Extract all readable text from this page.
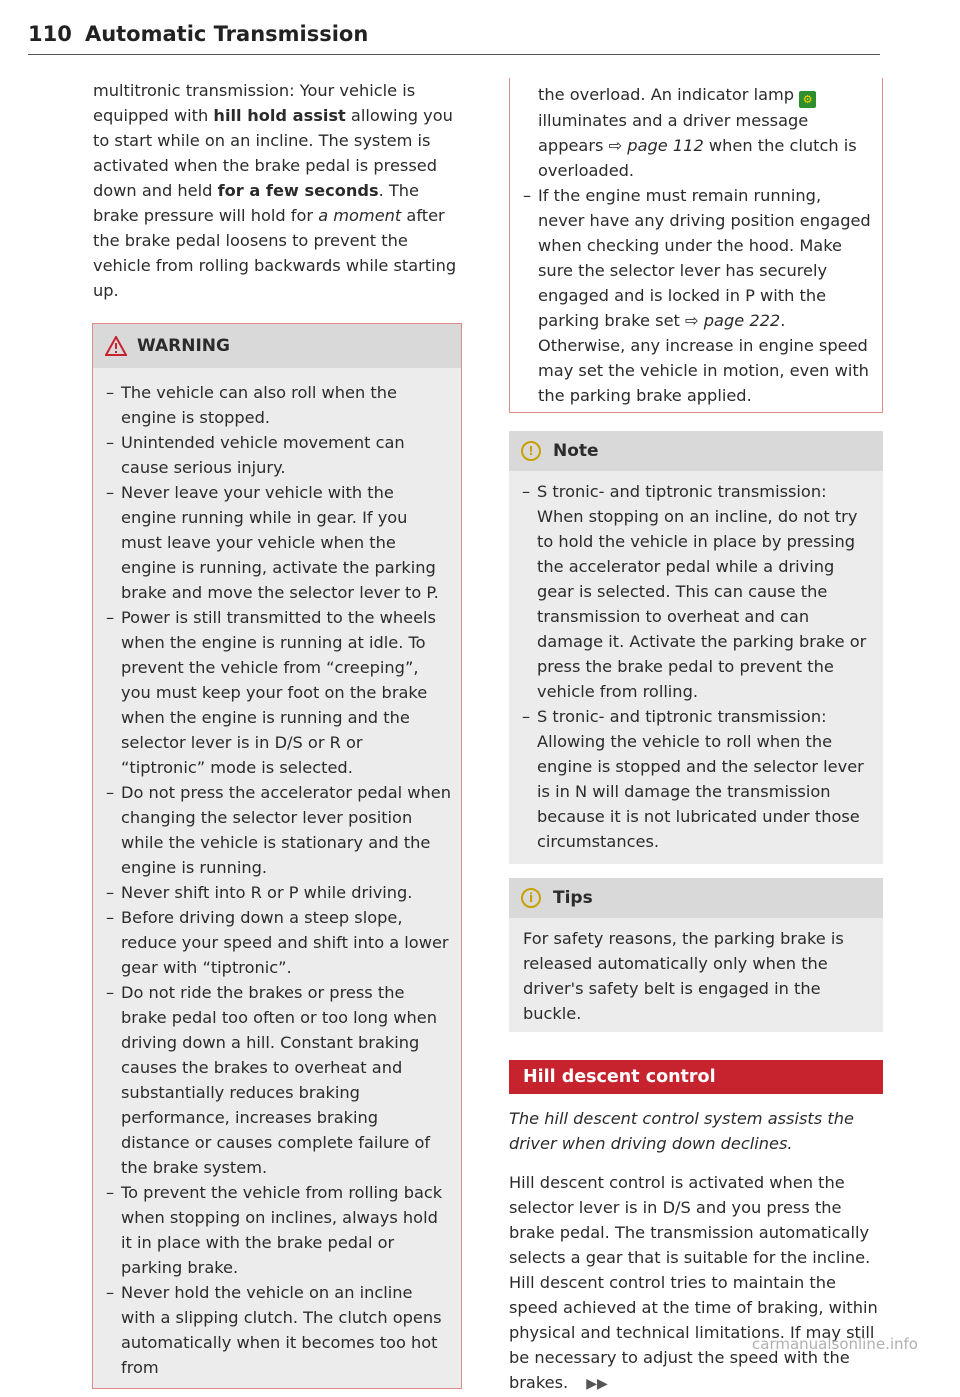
110 Automatic Transmission

multitronic transmission: Your vehicle is equipped with hill hold assist allowing you to start while on an incline. The system is activated when the brake pedal is pressed down and held for a few seconds. The brake pressure will hold for a moment after the brake pedal loosens to prevent the vehicle from rolling backwards while starting up.

WARNING
– The vehicle can also roll when the engine is stopped.
– Unintended vehicle movement can cause serious injury.
– Never leave your vehicle with the engine running while in gear. If you must leave your vehicle when the engine is running, activate the parking brake and move the selector lever to P.
– Power is still transmitted to the wheels when the engine is running at idle. To prevent the vehicle from “creeping”, you must keep your foot on the brake when the engine is running and the selector lever is in D/S or R or “tiptronic” mode is selected.
– Do not press the accelerator pedal when changing the selector lever position while the vehicle is stationary and the engine is running.
– Never shift into R or P while driving.
– Before driving down a steep slope, reduce your speed and shift into a lower gear with “tiptronic”.
– Do not ride the brakes or press the brake pedal too often or too long when driving down a hill. Constant braking causes the brakes to overheat and substantially reduces braking performance, increases braking distance or causes complete failure of the brake system.
– To prevent the vehicle from rolling back when stopping on inclines, always hold it in place with the brake pedal or parking brake.
– Never hold the vehicle on an incline with a slipping clutch. The clutch opens automatically when it becomes too hot from

the overload. An indicator lamp ⚙ illuminates and a driver message appears ⇨ page 112 when the clutch is overloaded.

– If the engine must remain running, never have any driving position engaged when checking under the hood. Make sure the selector lever has securely engaged and is locked in P with the parking brake set ⇨ page 222. Otherwise, any increase in engine speed may set the vehicle in motion, even with the parking brake applied.
!	Note
– S tronic- and tiptronic transmission: When stopping on an incline, do not try to hold the vehicle in place by pressing the accelerator pedal while a driving gear is selected. This can cause the transmission to overheat and can damage it. Activate the parking brake or press the brake pedal to prevent the vehicle from rolling.
– S tronic- and tiptronic transmission: Allowing the vehicle to roll when the engine is stopped and the selector lever is in N will damage the transmission because it is not lubricated under those circumstances.
i	Tips

For safety reasons, the parking brake is released automatically only when the driver's safety belt is engaged in the buckle.

Hill descent control

The hill descent control system assists the driver when driving down declines.

Hill descent control is activated when the selector lever is in D/S and you press the brake pedal. The transmission automatically selects a gear that is suitable for the incline. Hill descent control tries to maintain the speed achieved at the time of braking, within physical and technical limitations. If may still be necessary to adjust the speed with the brakes. ▶▶

carmanualsonline.info
